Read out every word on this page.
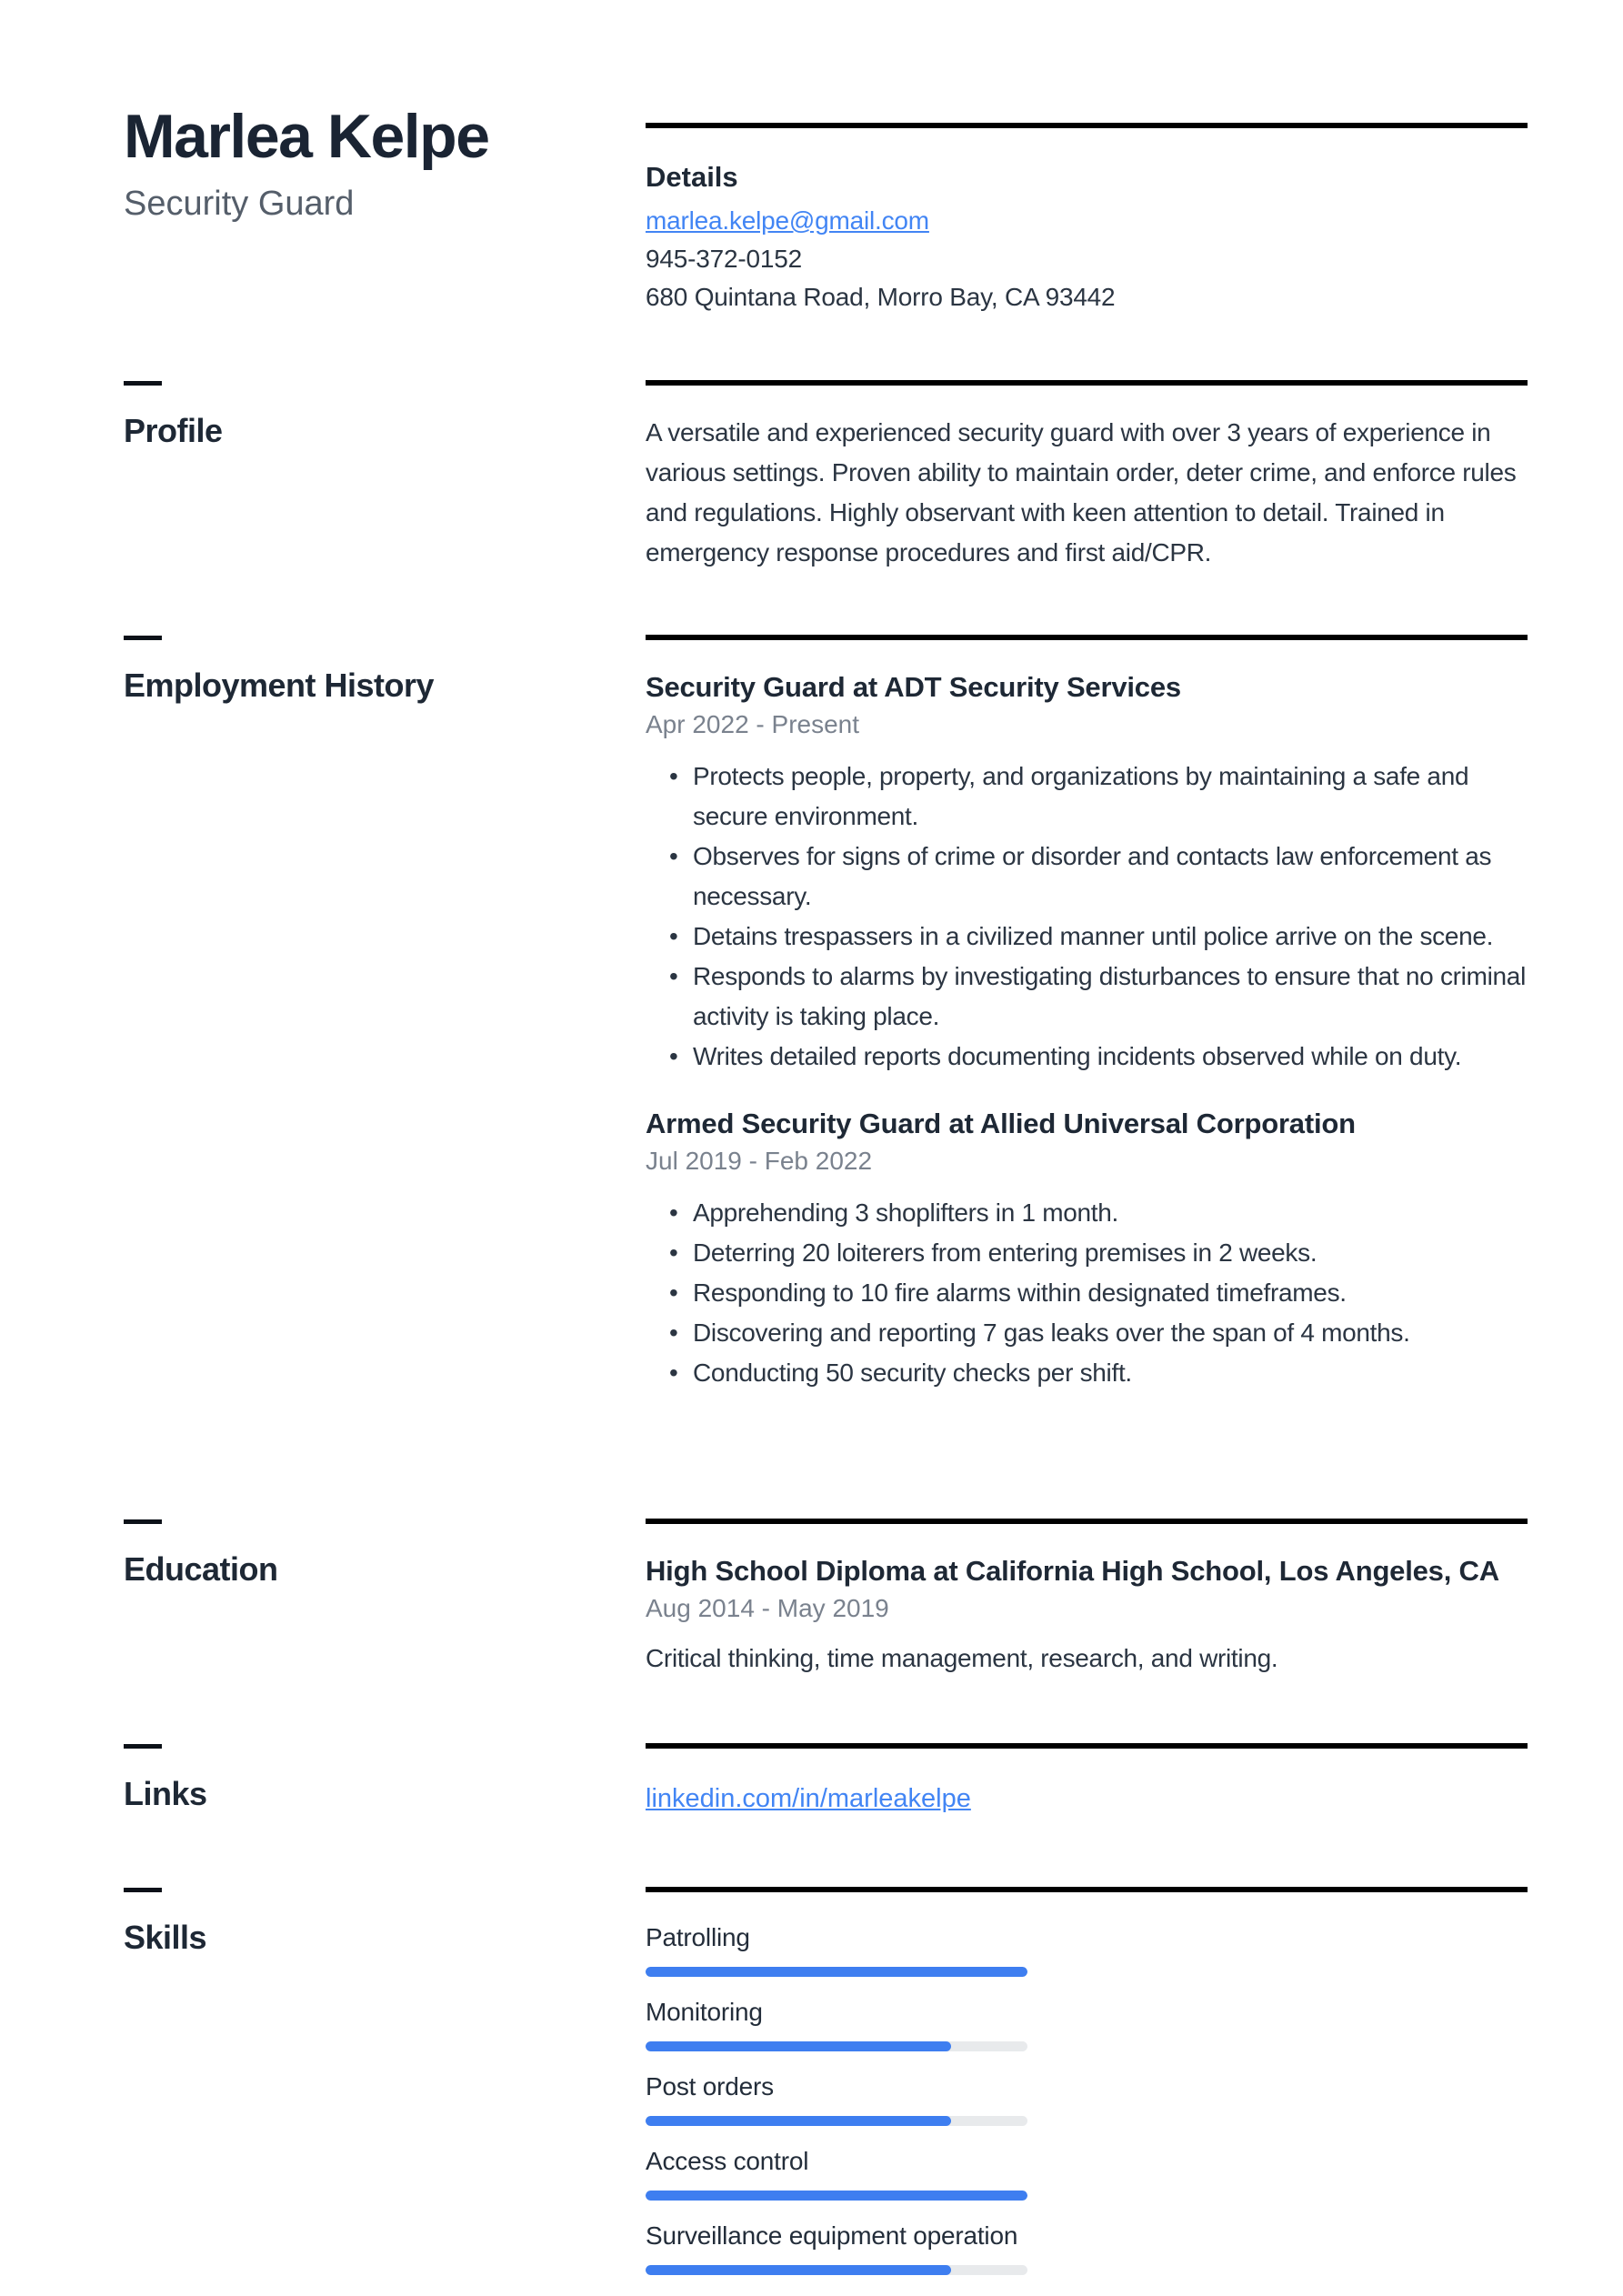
Marlea Kelpe
Security Guard
Details
marlea.kelpe@gmail.com
945-372-0152
680 Quintana Road, Morro Bay, CA 93442
Profile	A versatile and experienced security guard with over 3 years of experience in various settings. Proven ability to maintain order, deter crime, and enforce rules and regulations. Highly observant with keen attention to detail. Trained in emergency response procedures and first aid/CPR.

Employment History	Security Guard at ADT Security Services
Apr 2022 - Present
• Protects people, property, and organizations by maintaining a safe and secure environment.
• Observes for signs of crime or disorder and contacts law enforcement as necessary.
• Detains trespassers in a civilized manner until police arrive on the scene.
• Responds to alarms by investigating disturbances to ensure that no criminal activity is taking place.
• Writes detailed reports documenting incidents observed while on duty.
Armed Security Guard at Allied Universal Corporation
Jul 2019 - Feb 2022
• Apprehending 3 shoplifters in 1 month.
• Deterring 20 loiterers from entering premises in 2 weeks.
• Responding to 10 fire alarms within designated timeframes.
• Discovering and reporting 7 gas leaks over the span of 4 months.
• Conducting 50 security checks per shift.
Education	High School Diploma at California High School, Los Angeles, CA
Aug 2014 - May 2019

Critical thinking, time management, research, and writing.

Links	linkedin.com/in/marleakelpe
Skills	Patrolling
Monitoring
Post orders
Access control
Surveillance equipment operation
